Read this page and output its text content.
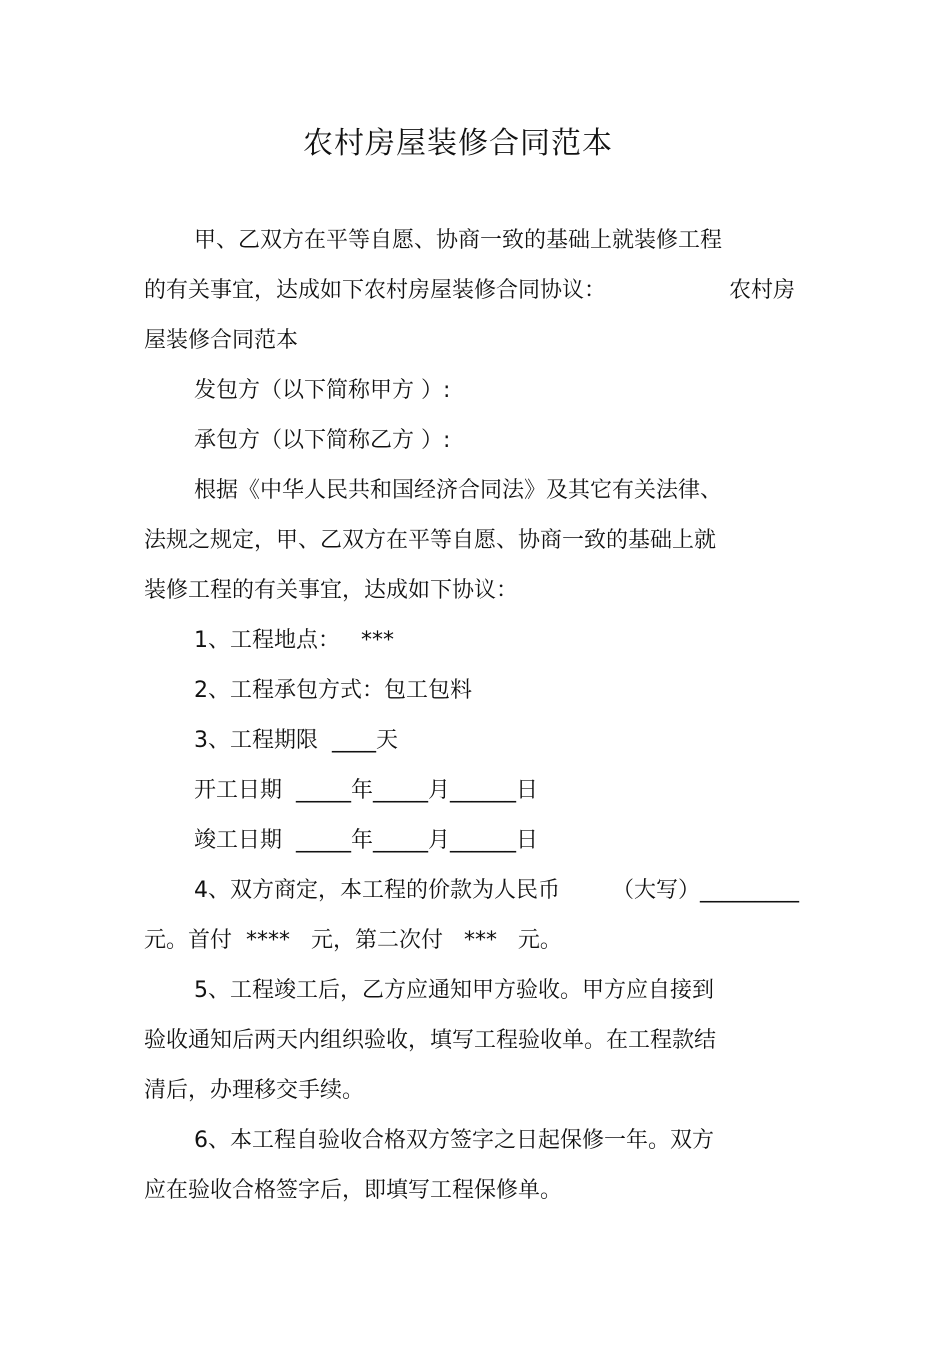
农村房屋装修合同范本

甲、乙双方在平等自愿、协商一致的基础上就装修工程

的有关事宜，达成如下农村房屋装修合同协议：	农村房

屋装修合同范本

发包方（以下简称甲方 ）:

承包方（以下简称乙方 ）:

根据《中华人民共和国经济合同法》及其它有关法律、

法规之规定，甲、乙双方在平等自愿、协商一致的基础上就

装修工程的有关事宜，达成如下协议：

1、工程地点：   ***

2、工程承包方式：包工包料

3、工程期限  ____天

开工日期  _____年_____月______日

竣工日期  _____年_____月______日

4、双方商定，本工程的价款为人民币 （大写）_________

元。首付  ****   元，第二次付   ***   元。

5、工程竣工后，乙方应通知甲方验收。甲方应自接到

验收通知后两天内组织验收，填写工程验收单。在工程款结

清后，办理移交手续。

6、本工程自验收合格双方签字之日起保修一年。双方

应在验收合格签字后，即填写工程保修单。
